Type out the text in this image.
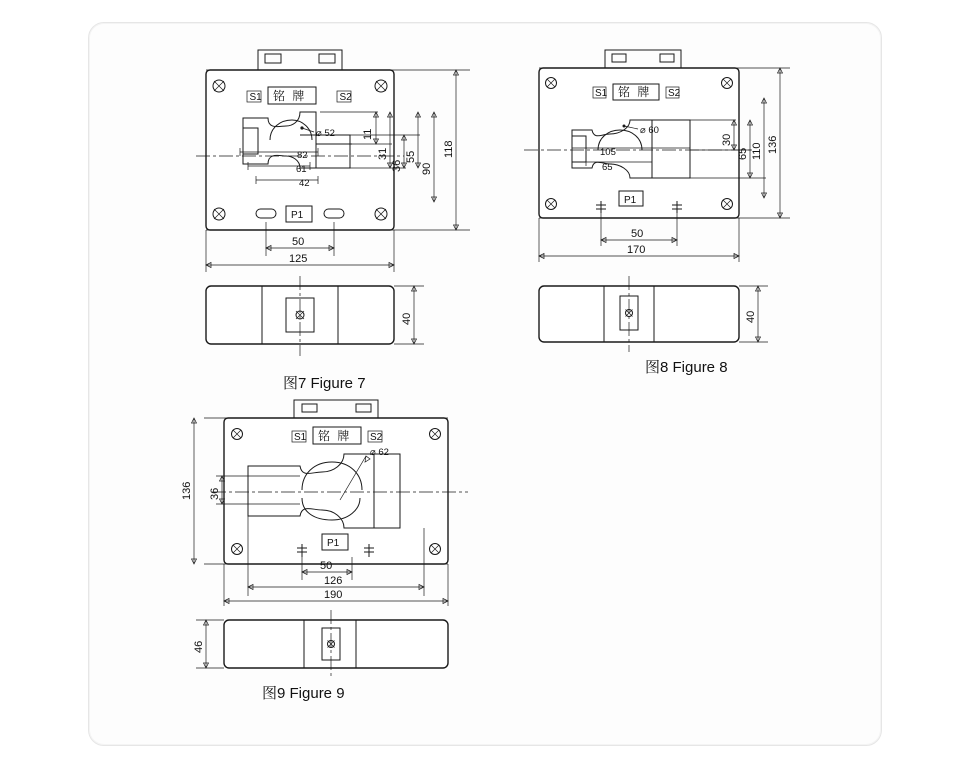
铭 牌
S1	S2
⌀ 52
82
61
42
P1
11
31
36
55
90
118
50
125
40
铭 牌
S1	S2
⌀ 60
105
65
P1
30
65 110 136
50
170
40
铭 牌
S1	S2
⌀ 62
136 36
P1
50
126
190
46
图7 Figure 7
图8 Figure 8
图9 Figure 9
